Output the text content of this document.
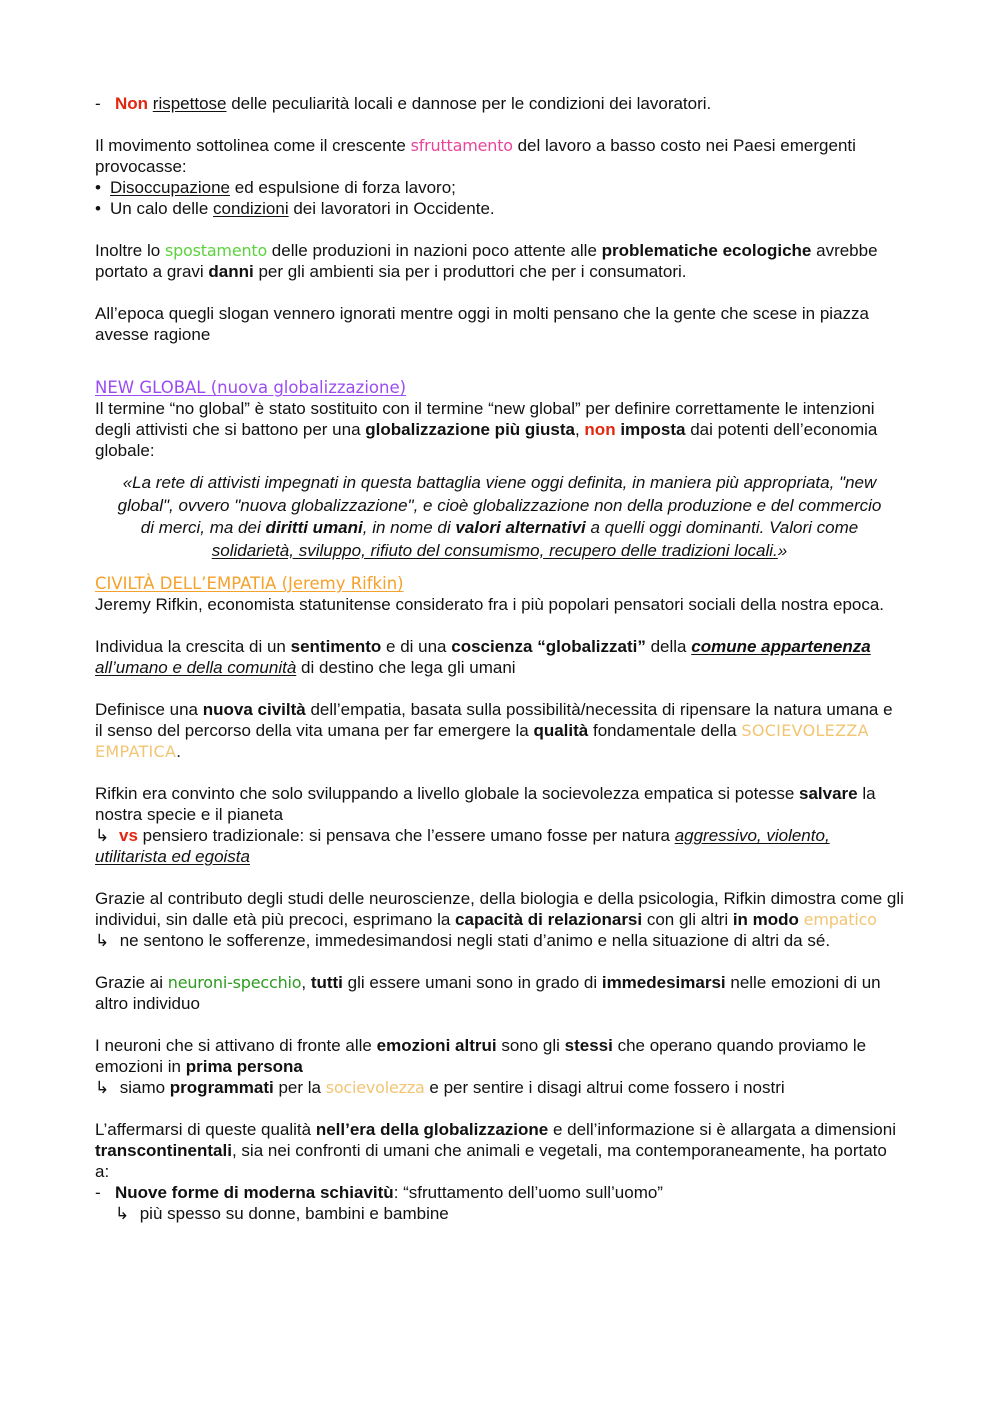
- Non rispettose delle peculiarità locali e dannose per le condizioni dei lavoratori.

Il movimento sottolinea come il crescente sfruttamento del lavoro a basso costo nei Paesi emergenti provocasse:

• Disoccupazione ed espulsione di forza lavoro;

• Un calo delle condizioni dei lavoratori in Occidente.

Inoltre lo spostamento delle produzioni in nazioni poco attente alle problematiche ecologiche avrebbe portato a gravi danni per gli ambienti sia per i produttori che per i consumatori.

All’epoca quegli slogan vennero ignorati mentre oggi in molti pensano che la gente che scese in piazza avesse ragione

NEW GLOBAL (nuova globalizzazione)

Il termine “no global” è stato sostituito con il termine “new global” per definire correttamente le intenzioni degli attivisti che si battono per una globalizzazione più giusta, non imposta dai potenti dell’economia globale:

«La rete di attivisti impegnati in questa battaglia viene oggi definita, in maniera più appropriata, "new global", ovvero "nuova globalizzazione", e cioè globalizzazione non della produzione e del commercio di merci, ma dei diritti umani, in nome di valori alternativi a quelli oggi dominanti. Valori come solidarietà, sviluppo, rifiuto del consumismo, recupero delle tradizioni locali.»

CIVILTÀ DELL’EMPATIA (Jeremy Rifkin)

Jeremy Rifkin, economista statunitense considerato fra i più popolari pensatori sociali della nostra epoca.

Individua la crescita di un sentimento e di una coscienza “globalizzati” della comune appartenenza all’umano e della comunità di destino che lega gli umani

Definisce una nuova civiltà dell’empatia, basata sulla possibilità/necessita di ripensare la natura umana e il senso del percorso della vita umana per far emergere la qualità fondamentale della SOCIEVOLEZZA EMPATICA.

Rifkin era convinto che solo sviluppando a livello globale la socievolezza empatica si potesse salvare la nostra specie e il pianeta

↳ vs pensiero tradizionale: si pensava che l’essere umano fosse per natura aggressivo, violento, utilitarista ed egoista

Grazie al contributo degli studi delle neuroscienze, della biologia e della psicologia, Rifkin dimostra come gli individui, sin dalle età più precoci, esprimano la capacità di relazionarsi con gli altri in modo empatico

↳ ne sentono le sofferenze, immedesimandosi negli stati d’animo e nella situazione di altri da sé.

Grazie ai neuroni-specchio, tutti gli essere umani sono in grado di immedesimarsi nelle emozioni di un altro individuo

I neuroni che si attivano di fronte alle emozioni altrui sono gli stessi che operano quando proviamo le emozioni in prima persona

↳ siamo programmati per la socievolezza e per sentire i disagi altrui come fossero i nostri

L’affermarsi di queste qualità nell’era della globalizzazione e dell’informazione si è allargata a dimensioni transcontinentali, sia nei confronti di umani che animali e vegetali, ma contemporaneamente, ha portato a:

- Nuove forme di moderna schiavitù: “sfruttamento dell’uomo sull’uomo”

↳ più spesso su donne, bambini e bambine
